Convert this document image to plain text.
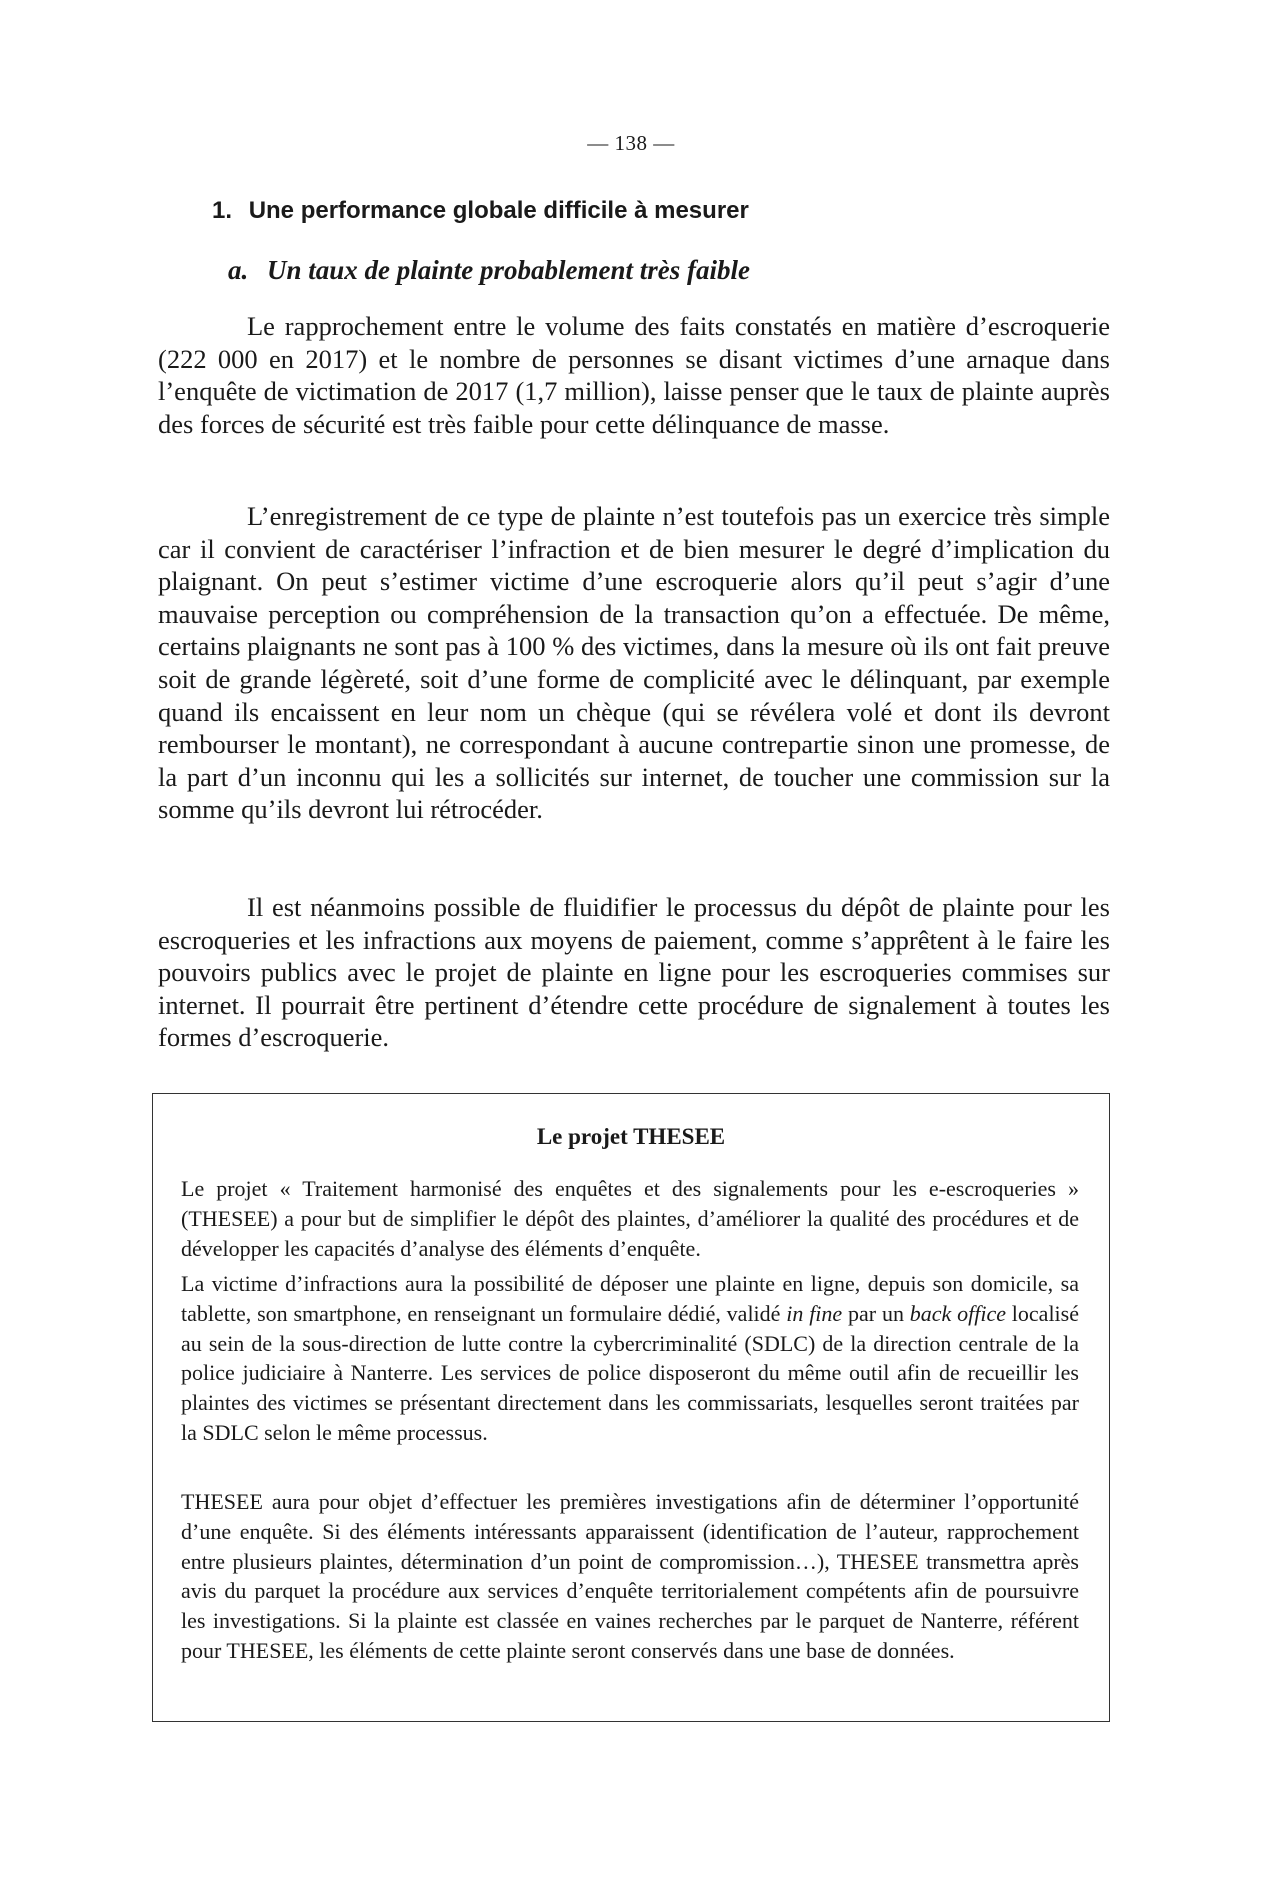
— 138 —
1. Une performance globale difficile à mesurer
a. Un taux de plainte probablement très faible

Le rapprochement entre le volume des faits constatés en matière d’escroquerie (222 000 en 2017) et le nombre de personnes se disant victimes d’une arnaque dans l’enquête de victimation de 2017 (1,7 million), laisse penser que le taux de plainte auprès des forces de sécurité est très faible pour cette délinquance de masse.

L’enregistrement de ce type de plainte n’est toutefois pas un exercice très simple car il convient de caractériser l’infraction et de bien mesurer le degré d’implication du plaignant. On peut s’estimer victime d’une escroquerie alors qu’il peut s’agir d’une mauvaise perception ou compréhension de la transaction qu’on a effectuée. De même, certains plaignants ne sont pas à 100 % des victimes, dans la mesure où ils ont fait preuve soit de grande légèreté, soit d’une forme de complicité avec le délinquant, par exemple quand ils encaissent en leur nom un chèque (qui se révélera volé et dont ils devront rembourser le montant), ne correspondant à aucune contrepartie sinon une promesse, de la part d’un inconnu qui les a sollicités sur internet, de toucher une commission sur la somme qu’ils devront lui rétrocéder.

Il est néanmoins possible de fluidifier le processus du dépôt de plainte pour les escroqueries et les infractions aux moyens de paiement, comme s’apprêtent à le faire les pouvoirs publics avec le projet de plainte en ligne pour les escroqueries commises sur internet. Il pourrait être pertinent d’étendre cette procédure de signalement à toutes les formes d’escroquerie.

Le projet THESEE

Le projet « Traitement harmonisé des enquêtes et des signalements pour les e-escroqueries » (THESEE) a pour but de simplifier le dépôt des plaintes, d’améliorer la qualité des procédures et de développer les capacités d’analyse des éléments d’enquête.

La victime d’infractions aura la possibilité de déposer une plainte en ligne, depuis son domicile, sa tablette, son smartphone, en renseignant un formulaire dédié, validé in fine par un back office localisé au sein de la sous-direction de lutte contre la cybercriminalité (SDLC) de la direction centrale de la police judiciaire à Nanterre. Les services de police disposeront du même outil afin de recueillir les plaintes des victimes se présentant directement dans les commissariats, lesquelles seront traitées par la SDLC selon le même processus.

THESEE aura pour objet d’effectuer les premières investigations afin de déterminer l’opportunité d’une enquête. Si des éléments intéressants apparaissent (identification de l’auteur, rapprochement entre plusieurs plaintes, détermination d’un point de compromission…), THESEE transmettra après avis du parquet la procédure aux services d’enquête territorialement compétents afin de poursuivre les investigations. Si la plainte est classée en vaines recherches par le parquet de Nanterre, référent pour THESEE, les éléments de cette plainte seront conservés dans une base de données.
